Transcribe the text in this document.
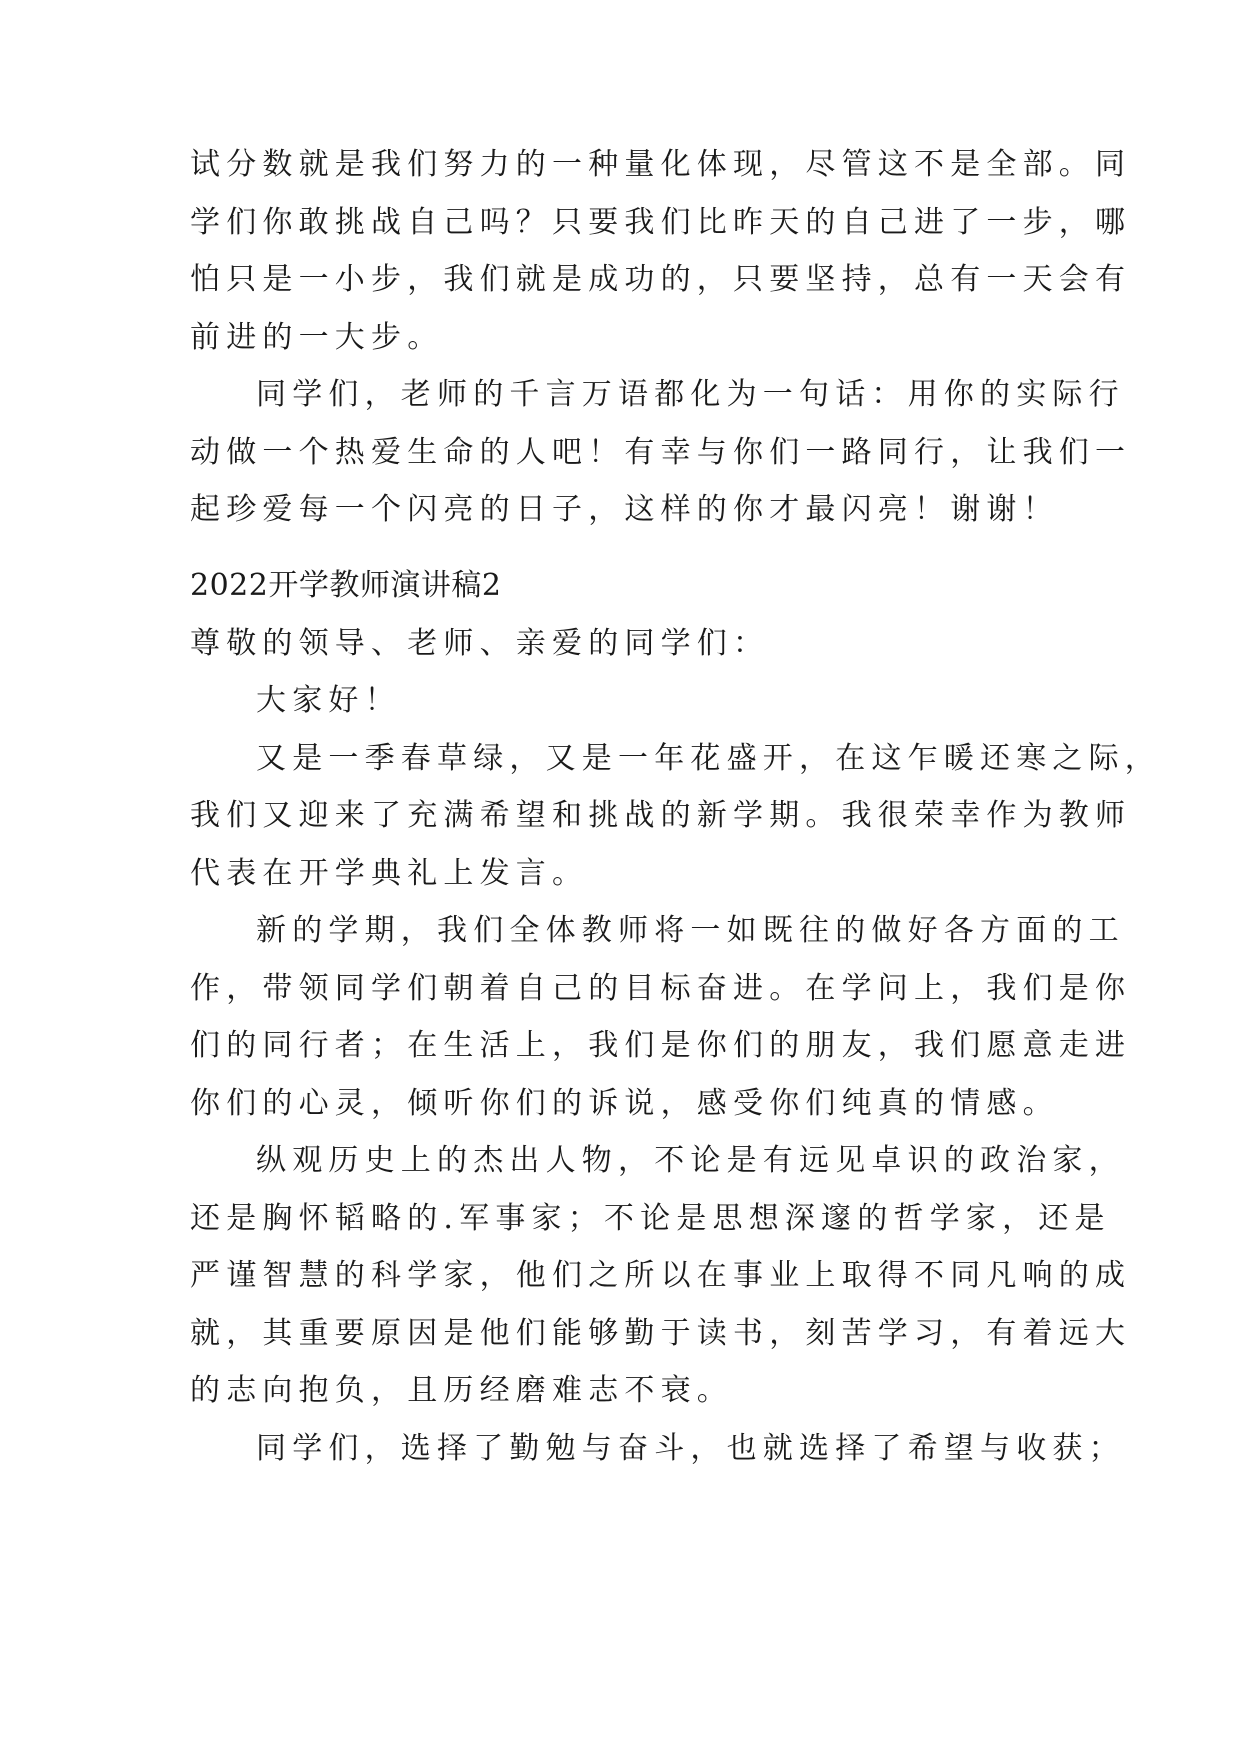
试分数就是我们努力的一种量化体现，尽管这不是全部。同
学们你敢挑战自己吗？只要我们比昨天的自己进了一步，哪
怕只是一小步，我们就是成功的，只要坚持，总有一天会有
前进的一大步。
同学们，老师的千言万语都化为一句话：用你的实际行
动做一个热爱生命的人吧！有幸与你们一路同行，让我们一
起珍爱每一个闪亮的日子，这样的你才最闪亮！谢谢！
2022开学教师演讲稿2
尊敬的领导、老师、亲爱的同学们：
大家好！
又是一季春草绿，又是一年花盛开，在这乍暖还寒之际，
我们又迎来了充满希望和挑战的新学期。我很荣幸作为教师
代表在开学典礼上发言。
新的学期，我们全体教师将一如既往的做好各方面的工
作，带领同学们朝着自己的目标奋进。在学问上，我们是你
们的同行者；在生活上，我们是你们的朋友，我们愿意走进
你们的心灵，倾听你们的诉说，感受你们纯真的情感。
纵观历史上的杰出人物，不论是有远见卓识的政治家，
还是胸怀韬略的.军事家；不论是思想深邃的哲学家，还是
严谨智慧的科学家，他们之所以在事业上取得不同凡响的成
就，其重要原因是他们能够勤于读书，刻苦学习，有着远大
的志向抱负，且历经磨难志不衰。
同学们，选择了勤勉与奋斗，也就选择了希望与收获；
